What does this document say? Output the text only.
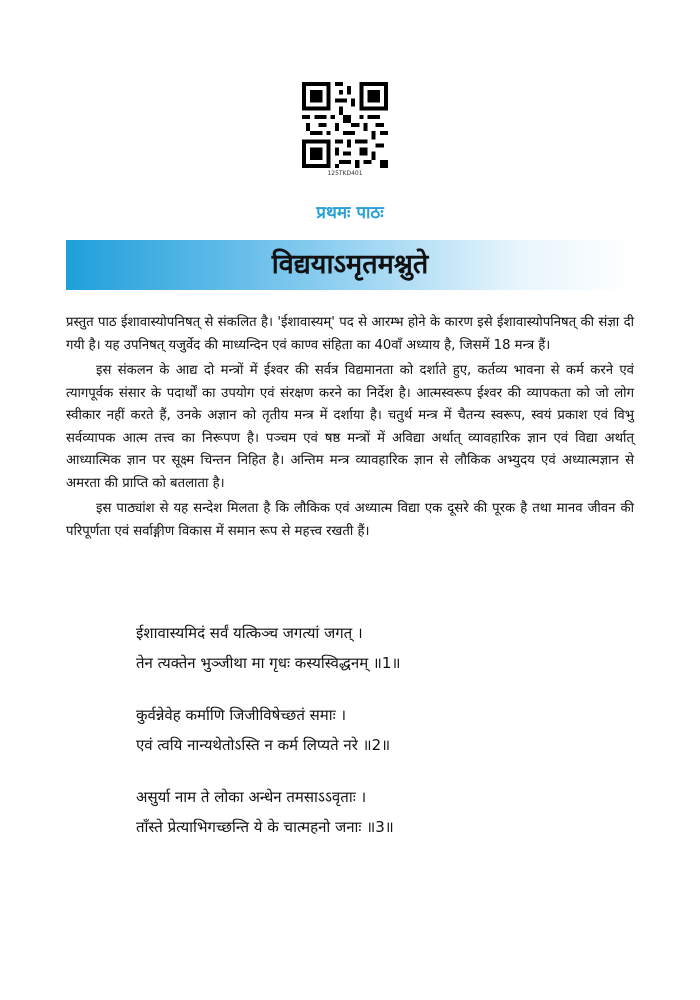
125TKD401
प्रथमः पाठः
विद्ययाऽमृतमश्नुते

प्रस्तुत पाठ ईशावास्योपनिषत् से संकलित है। 'ईशावास्यम्' पद से आरम्भ होने के कारण इसे ईशावास्योपनिषत् की संज्ञा दी गयी है। यह उपनिषत् यजुर्वेद की माध्यन्दिन एवं काण्व संहिता का 40वाँ अध्याय है, जिसमें 18 मन्त्र हैं।

इस संकलन के आद्य दो मन्त्रों में ईश्वर की सर्वत्र विद्यमानता को दर्शाते हुए, कर्तव्य भावना से कर्म करने एवं त्यागपूर्वक संसार के पदार्थों का उपयोग एवं संरक्षण करने का निर्देश है। आत्मस्वरूप ईश्वर की व्यापकता को जो लोग स्वीकार नहीं करते हैं, उनके अज्ञान को तृतीय मन्त्र में दर्शाया है। चतुर्थ मन्त्र में चैतन्य स्वरूप, स्वयं प्रकाश एवं विभु सर्वव्यापक आत्म तत्त्व का निरूपण है। पञ्चम एवं षष्ठ मन्त्रों में अविद्या अर्थात् व्यावहारिक ज्ञान एवं विद्या अर्थात् आध्यात्मिक ज्ञान पर सूक्ष्म चिन्तन निहित है। अन्तिम मन्त्र व्यावहारिक ज्ञान से लौकिक अभ्युदय एवं अध्यात्मज्ञान से अमरता की प्राप्ति को बतलाता है।

इस पाठ्यांश से यह सन्देश मिलता है कि लौकिक एवं अध्यात्म विद्या एक दूसरे की पूरक है तथा मानव जीवन की परिपूर्णता एवं सर्वाङ्गीण विकास में समान रूप से महत्त्व रखती हैं।

ईशावास्यमिदं सर्वं यत्किञ्च जगत्यां जगत् ।
तेन त्यक्तेन भुञ्जीथा मा गृधः कस्यस्विद्धनम् ॥1॥
कुर्वन्नेवेह कर्माणि जिजीविषेच्छतं समाः ।
एवं त्वयि नान्यथेतोऽस्ति न कर्म लिप्यते नरे ॥2॥
असुर्या नाम ते लोका अन्धेन तमसाऽऽवृताः ।
ताँस्ते प्रेत्याभिगच्छन्ति ये के चात्महनो जनाः ॥3॥
